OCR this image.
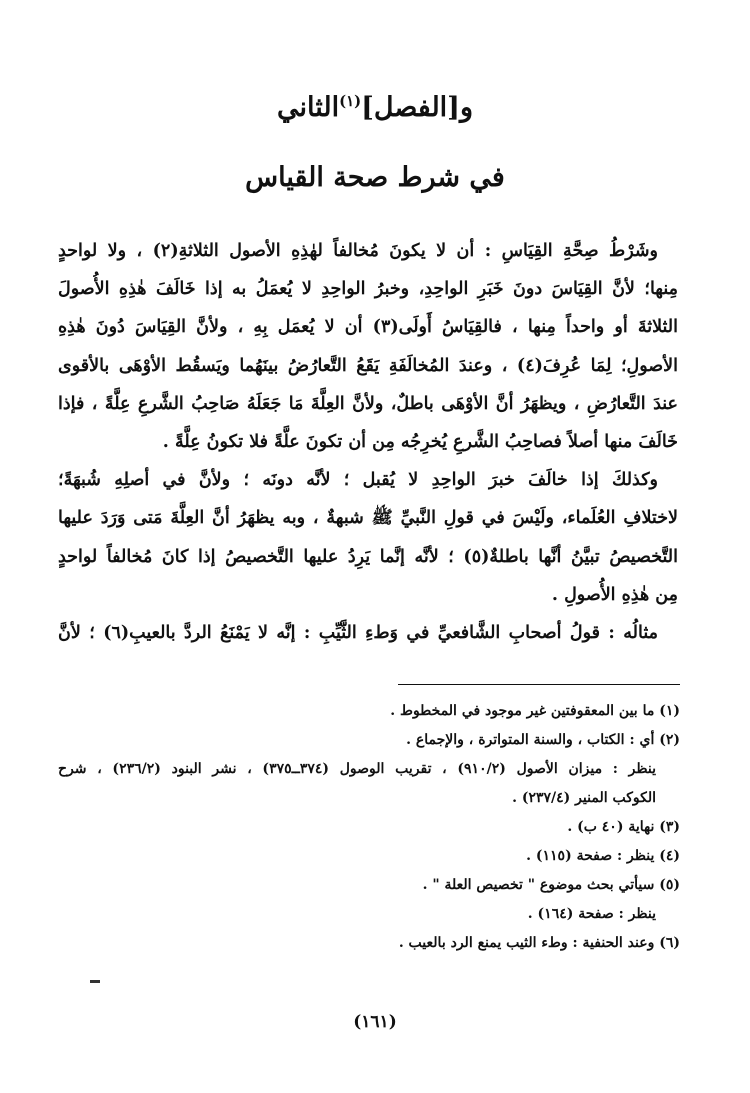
و[الفصل]$^{(١)}$الثاني
في شرط صحة القياس
وشَرْطُ صِحَّةِ القِيَاسِ : أن لا يكونَ مُخالفاً لهٰذِهِ الأصول الثلاثةِ(٢) ، ولا لواحدٍ
مِنها؛ لأنَّ القِيَاسَ دونَ خَبَرِ الواحِدِ، وخبرُ الواحِدِ لا يُعمَلُ به إذا خَالَفَ هٰذِهِ الأُصولَ
الثلاثةَ أو واحداً مِنها ، فالقِيَاسُ أَولَى(٣) أن لا يُعمَل بِهِ ، ولأنَّ القِيَاسَ دُونَ هٰذِهِ
الأصولِ؛ لِمَا عُرِفَ(٤) ، وعندَ المُخالَفَةِ يَقَعُ التَّعارُضُ بينَهُما ويَسقُط الأوْهَى بالأقوى
عندَ التَّعارُضِ ، ويظهَرُ أنَّ الأوْهَى باطلٌ، ولأنَّ العِلَّةَ مَا جَعَلَهُ صَاحِبُ الشَّرعِ عِلَّةً ، فإذا
خَالَفَ منها أصلاً فصاحِبُ الشَّرعِ يُخرِجُه مِن أن تكونَ علَّةً فلا تكونُ عِلَّةً .
وكذلكَ إذا خالَفَ خبرَ الواحِدِ لا يُقبل ؛ لأنَّه دونَه ؛ ولأنَّ في أصلِهِ شُبهَةً؛
لاختلافِ العُلَماء، ولَيْسَ في قولِ النَّبيِّ ﷺ شبهةٌ ، وبه يظهَرُ أنَّ العِلَّةَ مَتى وَرَدَ عليها
التَّخصيصُ تبيَّنُ أنَّها باطلةٌ(٥) ؛ لأنَّه إنَّما يَرِدُ عليها التَّخصيصُ إذا كانَ مُخالفاً لواحدٍ
مِن هٰذِهِ الأُصولِ .
مثالُه : قولُ أصحابِ الشَّافعيِّ في وَطءِ الثَّيِّبِ : إنَّه لا يَمْنَعُ الردَّ بالعيبِ(٦) ؛ لأنَّ
(١) ما بين المعقوفتين غير موجود في المخطوط .
(٢) أي : الكتاب ، والسنة المتواترة ، والإجماع .
ينظر : ميزان الأصول (٩١٠/٢) ، تقريب الوصول (٣٧٤ــ٣٧٥) ، نشر البنود (٢٣٦/٢) ، شرح
الكوكب المنير (٢٣٧/٤) .
(٣) نهاية (٤٠ ب) .
(٤) ينظر : صفحة (١١٥) .
(٥) سيأتي بحث موضوع " تخصيص العلة " .
ينظر : صفحة (١٦٤) .
(٦) وعند الحنفية : وطء الثيب يمنع الرد بالعيب .
(١٦١)
